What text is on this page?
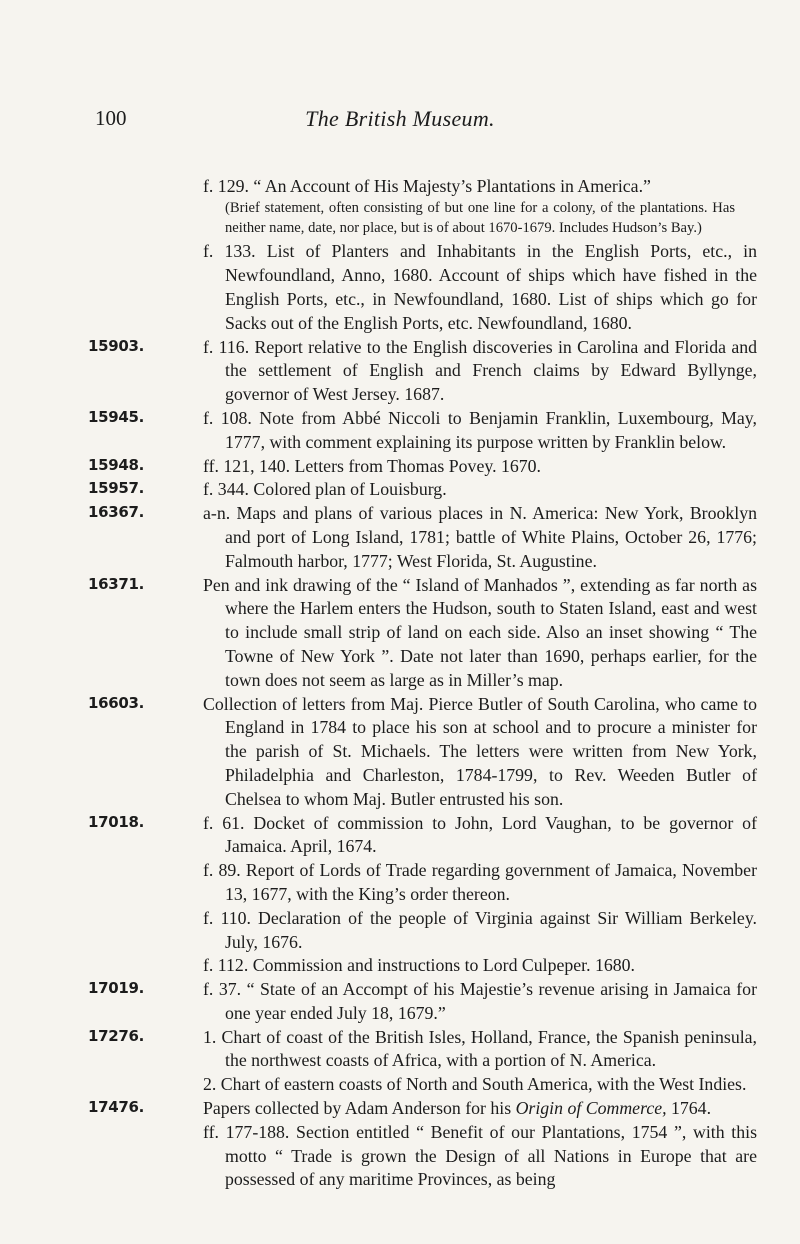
100	The British Museum.
f. 129. “ An Account of His Majesty’s Plantations in America.”
(Brief statement, often consisting of but one line for a colony, of the plantations. Has neither name, date, nor place, but is of about 1670-1679. Includes Hudson’s Bay.)
f. 133. List of Planters and Inhabitants in the English Ports, etc., in Newfoundland, Anno, 1680. Account of ships which have fished in the English Ports, etc., in Newfoundland, 1680. List of ships which go for Sacks out of the English Ports, etc. Newfoundland, 1680.
15903.	f. 116. Report relative to the English discoveries in Carolina and Florida and the settlement of English and French claims by Edward Byllynge, governor of West Jersey. 1687.
15945.	f. 108. Note from Abbé Niccoli to Benjamin Franklin, Luxembourg, May, 1777, with comment explaining its purpose written by Franklin below.
15948.	ff. 121, 140. Letters from Thomas Povey. 1670.
15957.	f. 344. Colored plan of Louisburg.
16367.	a-n. Maps and plans of various places in N. America: New York, Brooklyn and port of Long Island, 1781; battle of White Plains, October 26, 1776; Falmouth harbor, 1777; West Florida, St. Augustine.
16371.	Pen and ink drawing of the “ Island of Manhados ”, extending as far north as where the Harlem enters the Hudson, south to Staten Island, east and west to include small strip of land on each side. Also an inset showing “ The Towne of New York ”. Date not later than 1690, perhaps earlier, for the town does not seem as large as in Miller’s map.
16603.	Collection of letters from Maj. Pierce Butler of South Carolina, who came to England in 1784 to place his son at school and to procure a minister for the parish of St. Michaels. The letters were written from New York, Philadelphia and Charleston, 1784-1799, to Rev. Weeden Butler of Chelsea to whom Maj. Butler entrusted his son.
17018.	f. 61. Docket of commission to John, Lord Vaughan, to be governor of Jamaica. April, 1674.
f. 89. Report of Lords of Trade regarding government of Jamaica, November 13, 1677, with the King’s order thereon.
f. 110. Declaration of the people of Virginia against Sir William Berkeley. July, 1676.
f. 112. Commission and instructions to Lord Culpeper. 1680.
17019.	f. 37. “ State of an Accompt of his Majestie’s revenue arising in Jamaica for one year ended July 18, 1679.”
17276.	1. Chart of coast of the British Isles, Holland, France, the Spanish peninsula, the northwest coasts of Africa, with a portion of N. America.
2. Chart of eastern coasts of North and South America, with the West Indies.
17476.	Papers collected by Adam Anderson for his Origin of Commerce, 1764.
ff. 177-188. Section entitled “ Benefit of our Plantations, 1754 ”, with this motto “ Trade is grown the Design of all Nations in Europe that are possessed of any maritime Provinces, as being
